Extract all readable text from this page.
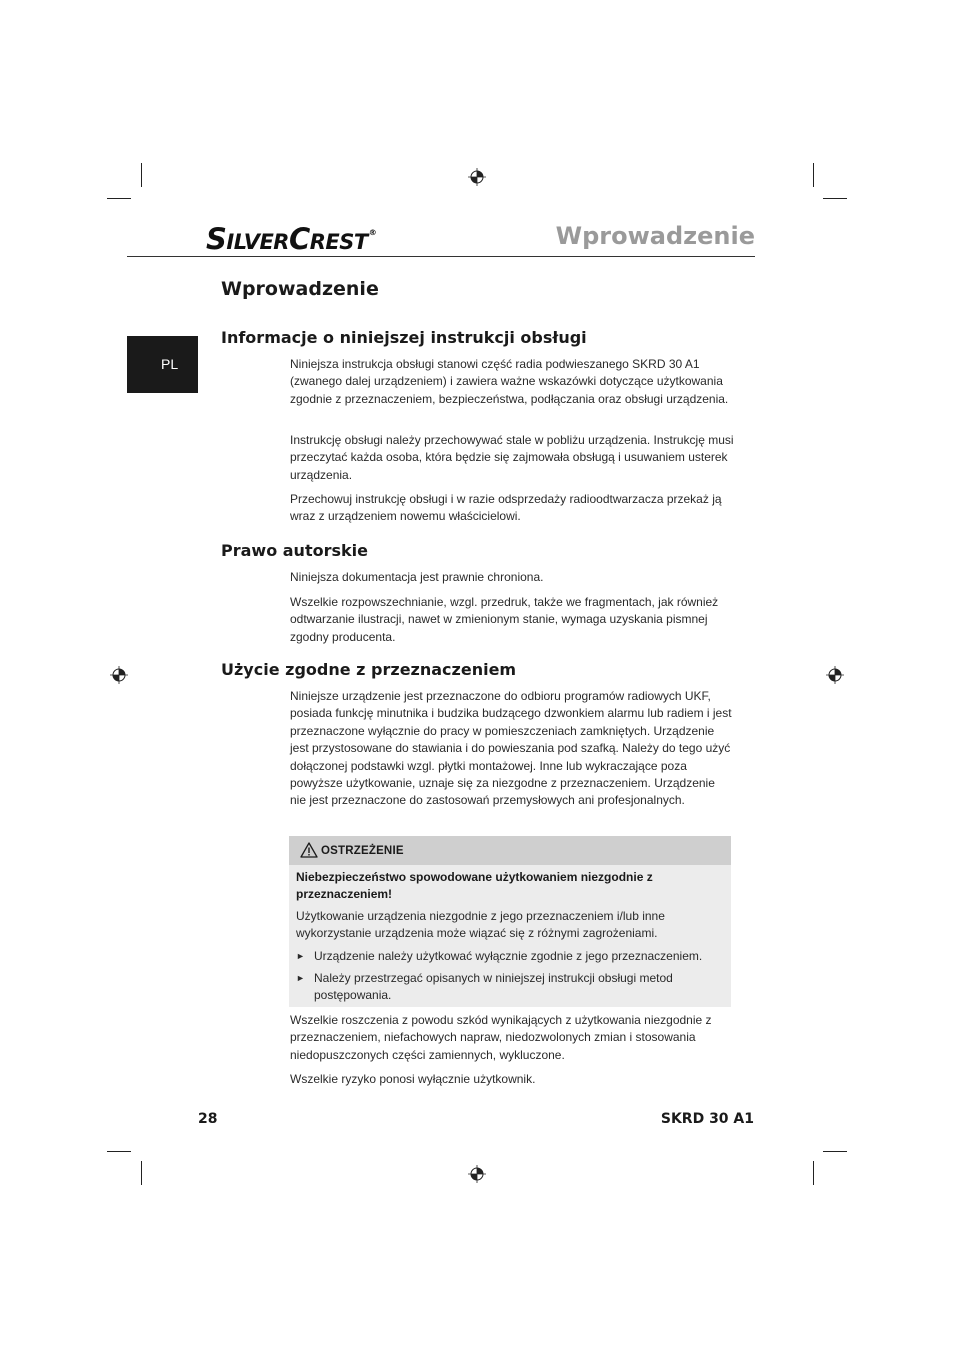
SILVERCREST®	Wprowadzenie
PL
Wprowadzenie
Informacje o niniejszej instrukcji obsługi

Niniejsza instrukcja obsługi stanowi część radia podwieszanego SKRD 30 A1 (zwanego dalej urządzeniem) i zawiera ważne wskazówki dotyczące użytkowania zgodnie z przeznaczeniem, bezpieczeństwa, podłączania oraz obsługi urządzenia.

Instrukcję obsługi należy przechowywać stale w pobliżu urządzenia. Instrukcję musi przeczytać każda osoba, która będzie się zajmowała obsługą i usuwaniem usterek urządzenia.

Przechowuj instrukcję obsługi i w razie odsprzedaży radioodtwarzacza przekaż ją wraz z urządzeniem nowemu właścicielowi.

Prawo autorskie

Niniejsza dokumentacja jest prawnie chroniona.

Wszelkie rozpowszechnianie, wzgl. przedruk, także we fragmentach, jak również odtwarzanie ilustracji, nawet w zmienionym stanie, wymaga uzyskania pismnej zgodny producenta.

Użycie zgodne z przeznaczeniem

Niniejsze urządzenie jest przeznaczone do odbioru programów radiowych UKF, posiada funkcję minutnika i budzika budzącego dzwonkiem alarmu lub radiem i jest przeznaczone wyłącznie do pracy w pomieszczeniach zamkniętych. Urządzenie jest przystosowane do stawiania i do powieszania pod szafką. Należy do tego użyć dołączonej podstawki wzgl. płytki montażowej. Inne lub wykraczające poza powyższe użytkowanie, uznaje się za niezgodne z przeznaczeniem. Urządzenie nie jest przeznaczone do zastosowań przemysłowych ani profesjonalnych.

OSTRZEŻENIE
Niebezpieczeństwo spowodowane użytkowaniem niezgodnie z przeznaczeniem!
Użytkowanie urządzenia niezgodnie z jego przeznaczeniem i/lub inne wykorzystanie urządzenia może wiązać się z różnymi zagrożeniami.
► Urządzenie należy użytkować wyłącznie zgodnie z jego przeznaczeniem.
► Należy przestrzegać opisanych w niniejszej instrukcji obsługi metod postępowania.

Wszelkie roszczenia z powodu szkód wynikających z użytkowania niezgodnie z przeznaczeniem, niefachowych napraw, niedozwolonych zmian i stosowania niedopuszczonych części zamiennych, wykluczone.

Wszelkie ryzyko ponosi wyłącznie użytkownik.

28	SKRD 30 A1
